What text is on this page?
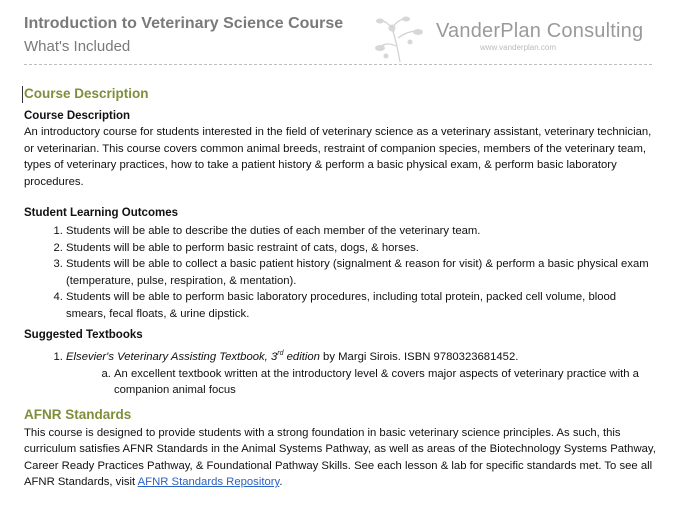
Introduction to Veterinary Science Course
What's Included
VanderPlan Consulting
www.vanderplan.com
Course Description
Course Description

An introductory course for students interested in the field of veterinary science as a veterinary assistant, veterinary technician, or veterinarian. This course covers common animal breeds, restraint of companion species, members of the veterinary team, types of veterinary practices, how to take a patient history & perform a basic physical exam, & perform basic laboratory procedures.

Student Learning Outcomes
1. Students will be able to describe the duties of each member of the veterinary team.
2. Students will be able to perform basic restraint of cats, dogs, & horses.
3. Students will be able to collect a basic patient history (signalment & reason for visit) & perform a basic physical exam (temperature, pulse, respiration, & mentation).
4. Students will be able to perform basic laboratory procedures, including total protein, packed cell volume, blood smears, fecal floats, & urine dipstick.
Suggested Textbooks
1. Elsevier's Veterinary Assisting Textbook, 3rd edition by Margi Sirois. ISBN 9780323681452.
a. An excellent textbook written at the introductory level & covers major aspects of veterinary practice with a companion animal focus
AFNR Standards

This course is designed to provide students with a strong foundation in basic veterinary science principles. As such, this curriculum satisfies AFNR Standards in the Animal Systems Pathway, as well as areas of the Biotechnology Systems Pathway, Career Ready Practices Pathway, & Foundational Pathway Skills. See each lesson & lab for specific standards met. To see all AFNR Standards, visit AFNR Standards Repository.
